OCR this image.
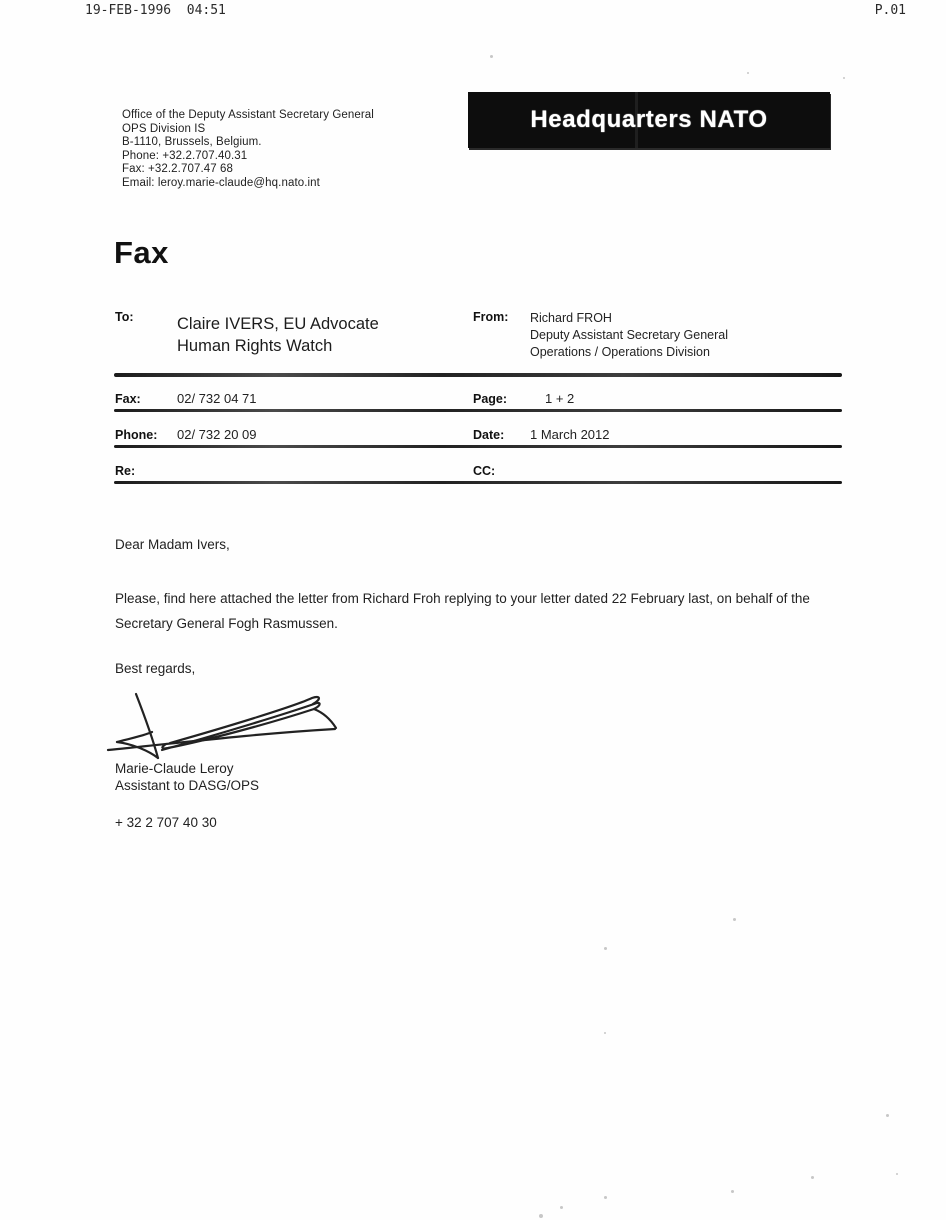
19-FEB-1996  04:51	P.01
Office of the Deputy Assistant Secretary General
OPS Division IS
B-1110, Brussels, Belgium.
Phone: +32.2.707.40.31
Fax: +32.2.707.47 68
Email: leroy.marie-claude@hq.nato.int
Headquarters NATO
Fax
To:	Claire IVERS, EU Advocate
Human Rights Watch
From: Richard FROH
Deputy Assistant Secretary General
Operations / Operations Division
Fax:	02/ 732 04 71	Page:	1 + 2
Phone: 02/ 732 20 09	Date: 1 March 2012
Re:	CC:
Dear Madam Ivers,
Please, find here attached the letter from Richard Froh replying to your letter dated 22 February last, on behalf of the Secretary General Fogh Rasmussen.
Best regards,
Marie-Claude Leroy
Assistant to DASG/OPS
+ 32 2 707 40 30
